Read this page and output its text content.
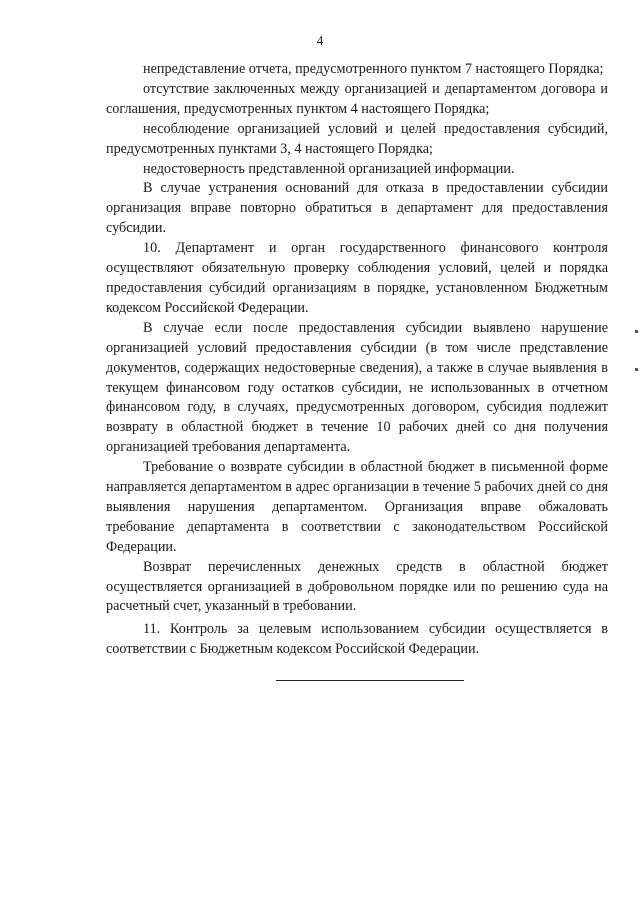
4

непредставление отчета, предусмотренного пунктом 7 настоящего Порядка;

отсутствие заключенных между организацией и департаментом договора и соглашения, предусмотренных пунктом 4 настоящего Порядка;

несоблюдение организацией условий и целей предоставления субсидий, предусмотренных пунктами 3, 4 настоящего Порядка;

недостоверность представленной организацией информации.

В случае устранения оснований для отказа в предоставлении субсидии организация вправе повторно обратиться в департамент для предоставления субсидии.

10. Департамент и орган государственного финансового контроля осуществляют обязательную проверку соблюдения условий, целей и порядка предоставления субсидий организациям в порядке, установленном Бюджетным кодексом Российской Федерации.

В случае если после предоставления субсидии выявлено нарушение организацией условий предоставления субсидии (в том числе представление документов, содержащих недостоверные сведения), а также в случае выявления в текущем финансовом году остатков субсидии, не использованных в отчетном финансовом году, в случаях, предусмотренных договором, субсидия подлежит возврату в областной бюджет в течение 10 рабочих дней со дня получения организацией требования департамента.

Требование о возврате субсидии в областной бюджет в письменной форме направляется департаментом в адрес организации в течение 5 рабочих дней со дня выявления нарушения департаментом. Организация вправе обжаловать требование департамента в соответствии с законодательством Российской Федерации.

Возврат перечисленных денежных средств в областной бюджет осуществляется организацией в добровольном порядке или по решению суда на расчетный счет, указанный в требовании.

11. Контроль за целевым использованием субсидии осуществляется в соответствии с Бюджетным кодексом Российской Федерации.
